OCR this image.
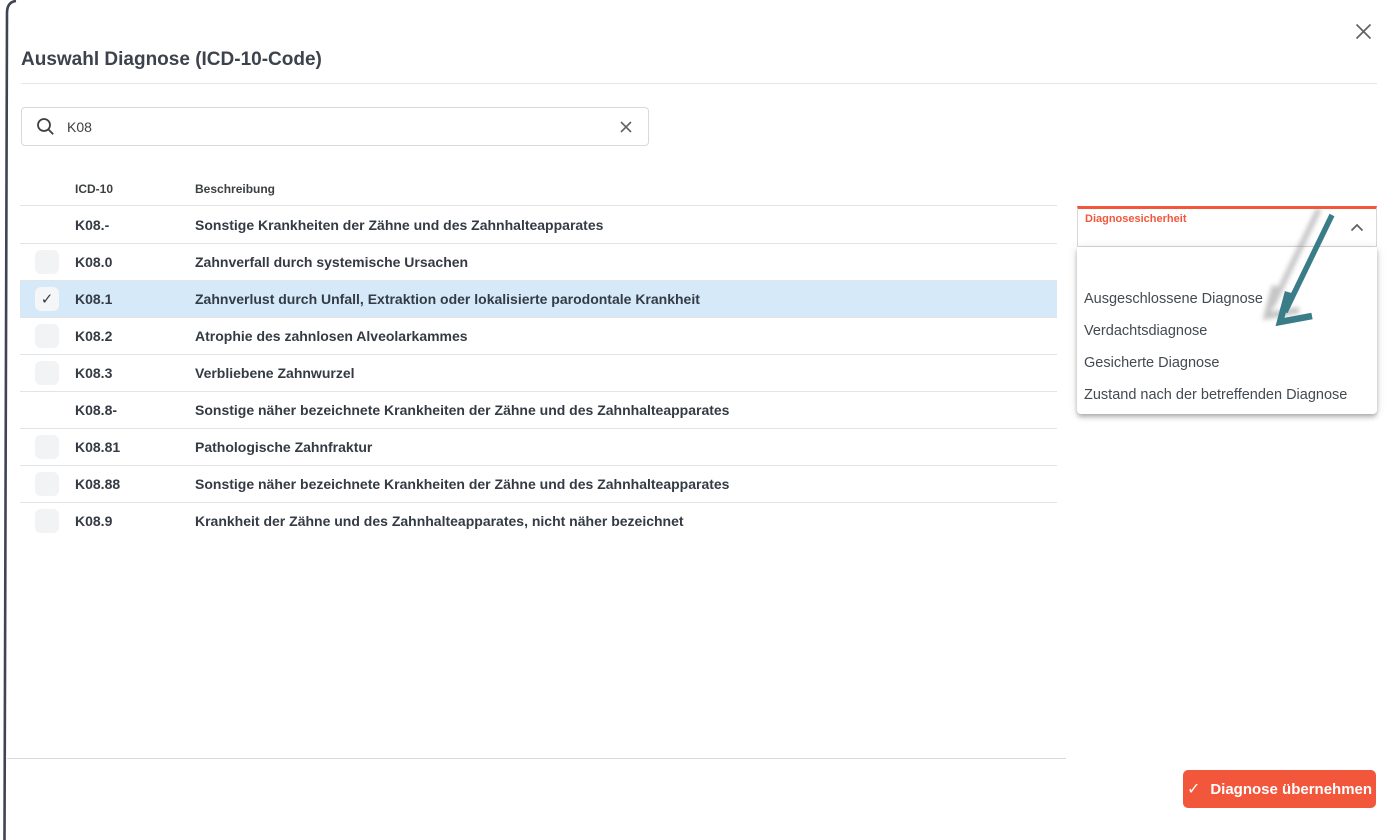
Auswahl Diagnose (ICD-10-Code)
K08
ICD-10	Beschreibung
K08.-	Sonstige Krankheiten der Zähne und des Zahnhalteapparates
K08.0	Zahnverfall durch systemische Ursachen
✓	K08.1	Zahnverlust durch Unfall, Extraktion oder lokalisierte parodontale Krankheit
K08.2	Atrophie des zahnlosen Alveolarkammes
K08.3	Verbliebene Zahnwurzel
K08.8-	Sonstige näher bezeichnete Krankheiten der Zähne und des Zahnhalteapparates
K08.81	Pathologische Zahnfraktur
K08.88	Sonstige näher bezeichnete Krankheiten der Zähne und des Zahnhalteapparates
K08.9	Krankheit der Zähne und des Zahnhalteapparates, nicht näher bezeichnet
✓ Diagnose übernehmen
Diagnosesicherheit
Ausgeschlossene Diagnose
Verdachtsdiagnose
Gesicherte Diagnose
Zustand nach der betreffenden Diagnose
